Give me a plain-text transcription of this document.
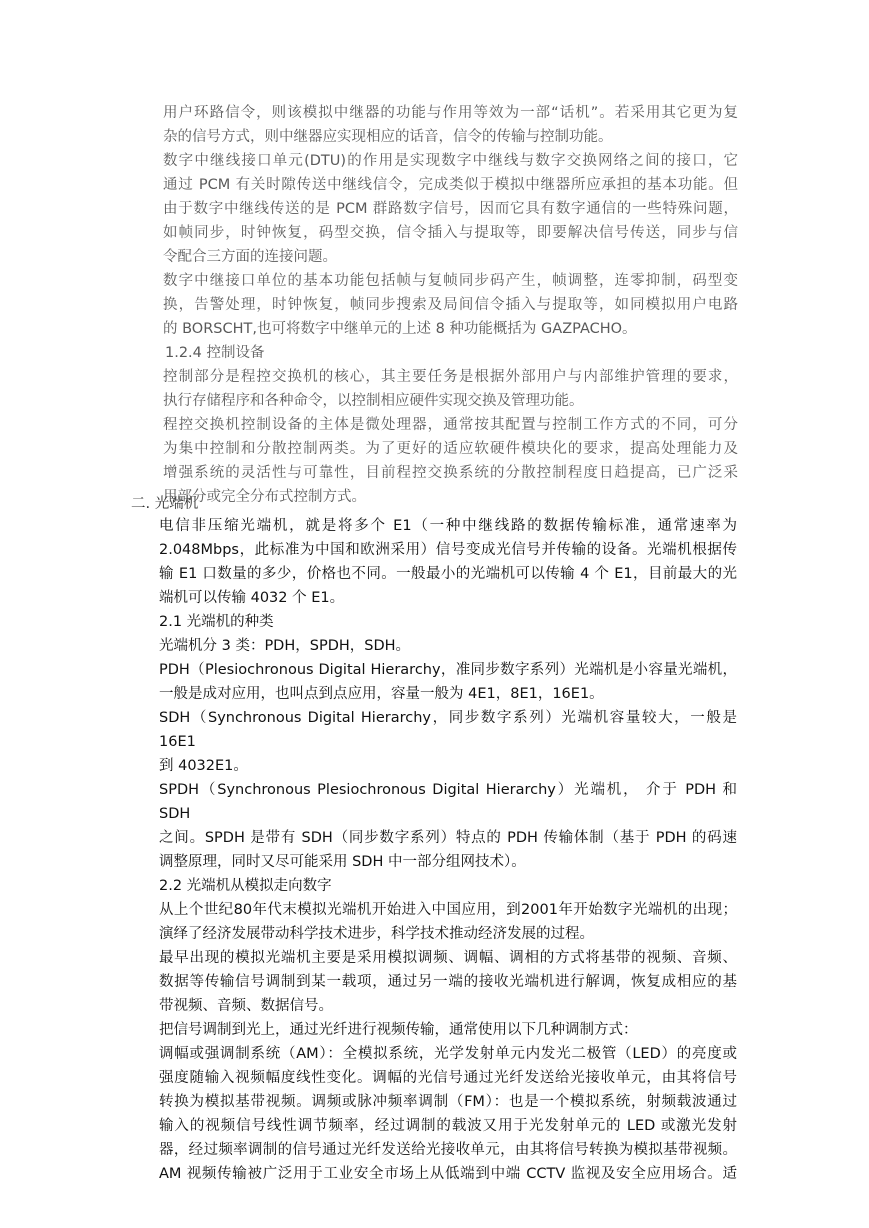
用户环路信令，则该模拟中继器的功能与作用等效为一部“话机”。若采用其它更为复

杂的信号方式，则中继器应实现相应的话音，信令的传输与控制功能。

数字中继线接口单元(DTU)的作用是实现数字中继线与数字交换网络之间的接口，它

通过 PCM 有关时隙传送中继线信令，完成类似于模拟中继器所应承担的基本功能。但

由于数字中继线传送的是 PCM 群路数字信号，因而它具有数字通信的一些特殊问题，

如帧同步，时钟恢复，码型交换，信令插入与提取等，即要解决信号传送，同步与信

令配合三方面的连接问题。

数字中继接口单位的基本功能包括帧与复帧同步码产生，帧调整，连零抑制，码型变

换，告警处理，时钟恢复，帧同步搜索及局间信令插入与提取等，如同模拟用户电路

的 BORSCHT,也可将数字中继单元的上述 8 种功能概括为 GAZPACHO。

1.2.4 控制设备

控制部分是程控交换机的核心，其主要任务是根据外部用户与内部维护管理的要求，

执行存储程序和各种命令，以控制相应硬件实现交换及管理功能。

程控交换机控制设备的主体是微处理器，通常按其配置与控制工作方式的不同，可分

为集中控制和分散控制两类。为了更好的适应软硬件模块化的要求，提高处理能力及

增强系统的灵活性与可靠性，目前程控交换系统的分散控制程度日趋提高，已广泛采

用部分或完全分布式控制方式。

二. 光端机

电信非压缩光端机，就是将多个 E1（一种中继线路的数据传输标准，通常速率为

2.048Mbps，此标准为中国和欧洲采用）信号变成光信号并传输的设备。光端机根据传

输 E1 口数量的多少，价格也不同。一般最小的光端机可以传输 4 个 E1，目前最大的光

端机可以传输 4032 个 E1。

2.1 光端机的种类

光端机分 3 类：PDH，SPDH，SDH。

PDH（Plesiochronous Digital Hierarchy，准同步数字系列）光端机是小容量光端机，

一般是成对应用，也叫点到点应用，容量一般为 4E1，8E1，16E1。

SDH（Synchronous Digital Hierarchy，同步数字系列）光端机容量较大，一般是 16E1

到 4032E1。

SPDH（Synchronous Plesiochronous Digital Hierarchy）光端机， 介于 PDH 和 SDH

之间。SPDH 是带有 SDH（同步数字系列）特点的 PDH 传输体制（基于 PDH 的码速

调整原理，同时又尽可能采用 SDH 中一部分组网技术）。

2.2 光端机从模拟走向数字

从上个世纪80年代末模拟光端机开始进入中国应用，到2001年开始数字光端机的出现；

演绎了经济发展带动科学技术进步，科学技术推动经济发展的过程。

最早出现的模拟光端机主要是采用模拟调频、调幅、调相的方式将基带的视频、音频、

数据等传输信号调制到某一载项，通过另一端的接收光端机进行解调，恢复成相应的基

带视频、音频、数据信号。

把信号调制到光上，通过光纤进行视频传输，通常使用以下几种调制方式：

调幅或强调制系统（AM）：全模拟系统，光学发射单元内发光二极管（LED）的亮度或

强度随输入视频幅度线性变化。调幅的光信号通过光纤发送给光接收单元，由其将信号

转换为模拟基带视频。调频或脉冲频率调制（FM）：也是一个模拟系统，射频载波通过

输入的视频信号线性调节频率，经过调制的载波又用于光发射单元的 LED 或激光发射

器，经过频率调制的信号通过光纤发送给光接收单元，由其将信号转换为模拟基带视频。

AM 视频传输被广泛用于工业安全市场上从低端到中端 CCTV 监视及安全应用场合。适
